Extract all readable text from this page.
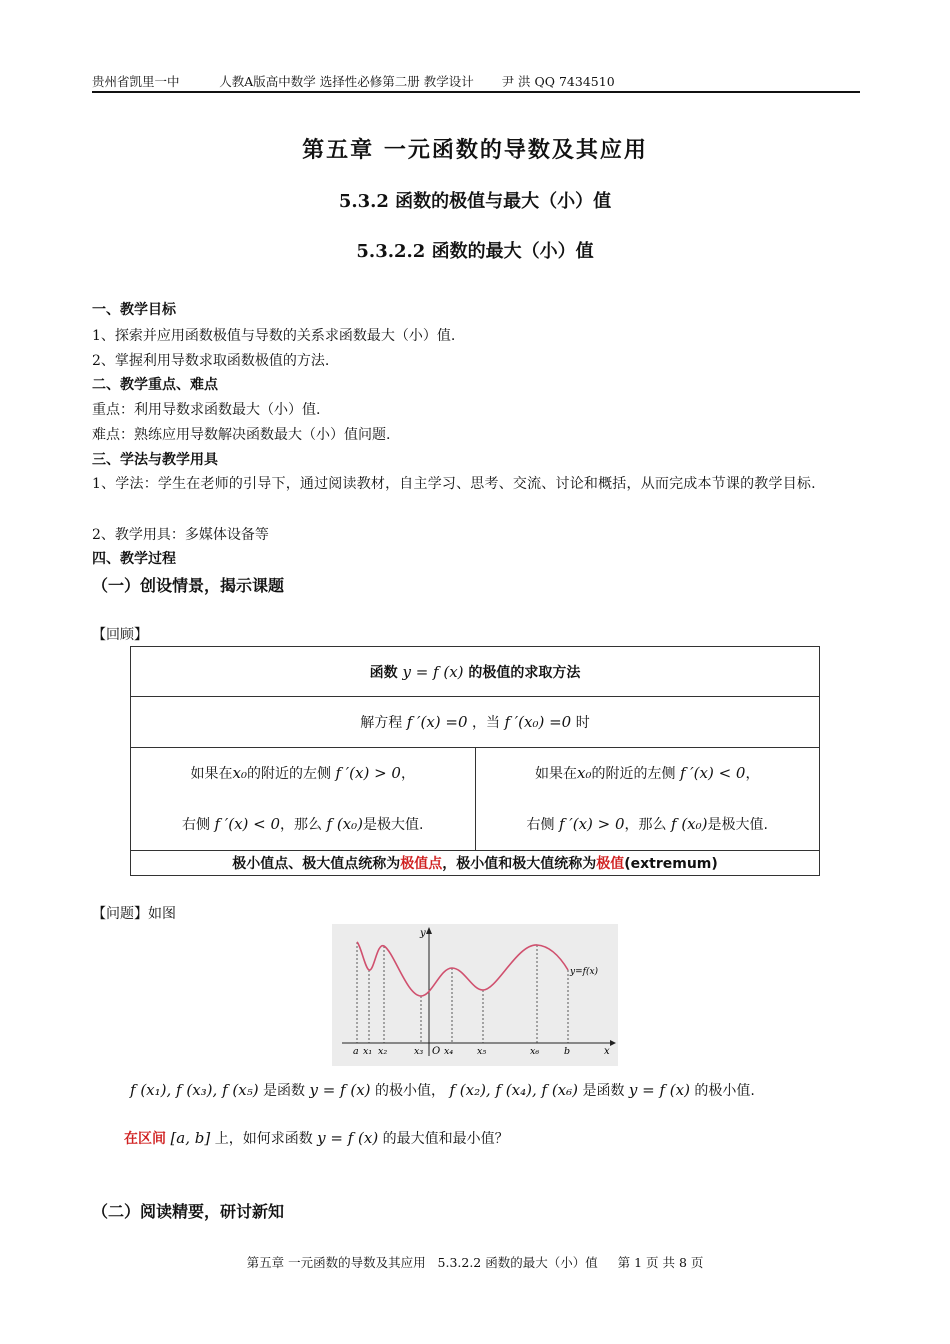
贵州省凯里一中	人教A版高中数学 选择性必修第二册 教学设计 尹 洪 QQ 7434510
第五章 一元函数的导数及其应用
5.3.2 函数的极值与最大（小）值
5.3.2.2 函数的最大（小）值
一、教学目标
1、探索并应用函数极值与导数的关系求函数最大（小）值.
2、掌握利用导数求取函数极值的方法.
二、教学重点、难点
重点：利用导数求函数最大（小）值.
难点：熟练应用导数解决函数最大（小）值问题.
三、学法与教学用具
1、学法：学生在老师的引导下，通过阅读教材，自主学习、思考、交流、讨论和概括，从而完成本节课的教学目标.
2、教学用具：多媒体设备等
四、教学过程
（一）创设情景，揭示课题
【回顾】
函数 y = f (x) 的极值的求取方法
解方程 f ′(x) =0 ，当 f ′(x₀) =0 时

如果在x₀的附近的左侧 f ′(x) > 0，
右侧 f ′(x) < 0，那么 f (x₀)是极大值.

如果在x₀的附近的左侧 f ′(x) < 0，
右侧 f ′(x) > 0，那么 f (x₀)是极大值.

极小值点、极大值点统称为极值点，极小值和极大值统称为极值(extremum)
【问题】如图
y
x
y=f(x)
O
a x₁ x₂	x₃ x₄	x₅	x₆	b
f (x₁), f (x₃), f (x₅) 是函数 y = f (x) 的极小值， f (x₂), f (x₄), f (x₆) 是函数 y = f (x) 的极小值.
在区间 [a, b] 上，如何求函数 y = f (x) 的最大值和最小值？
（二）阅读精要，研讨新知
第五章 一元函数的导数及其应用   5.3.2.2 函数的最大（小）值     第 1 页 共 8 页
